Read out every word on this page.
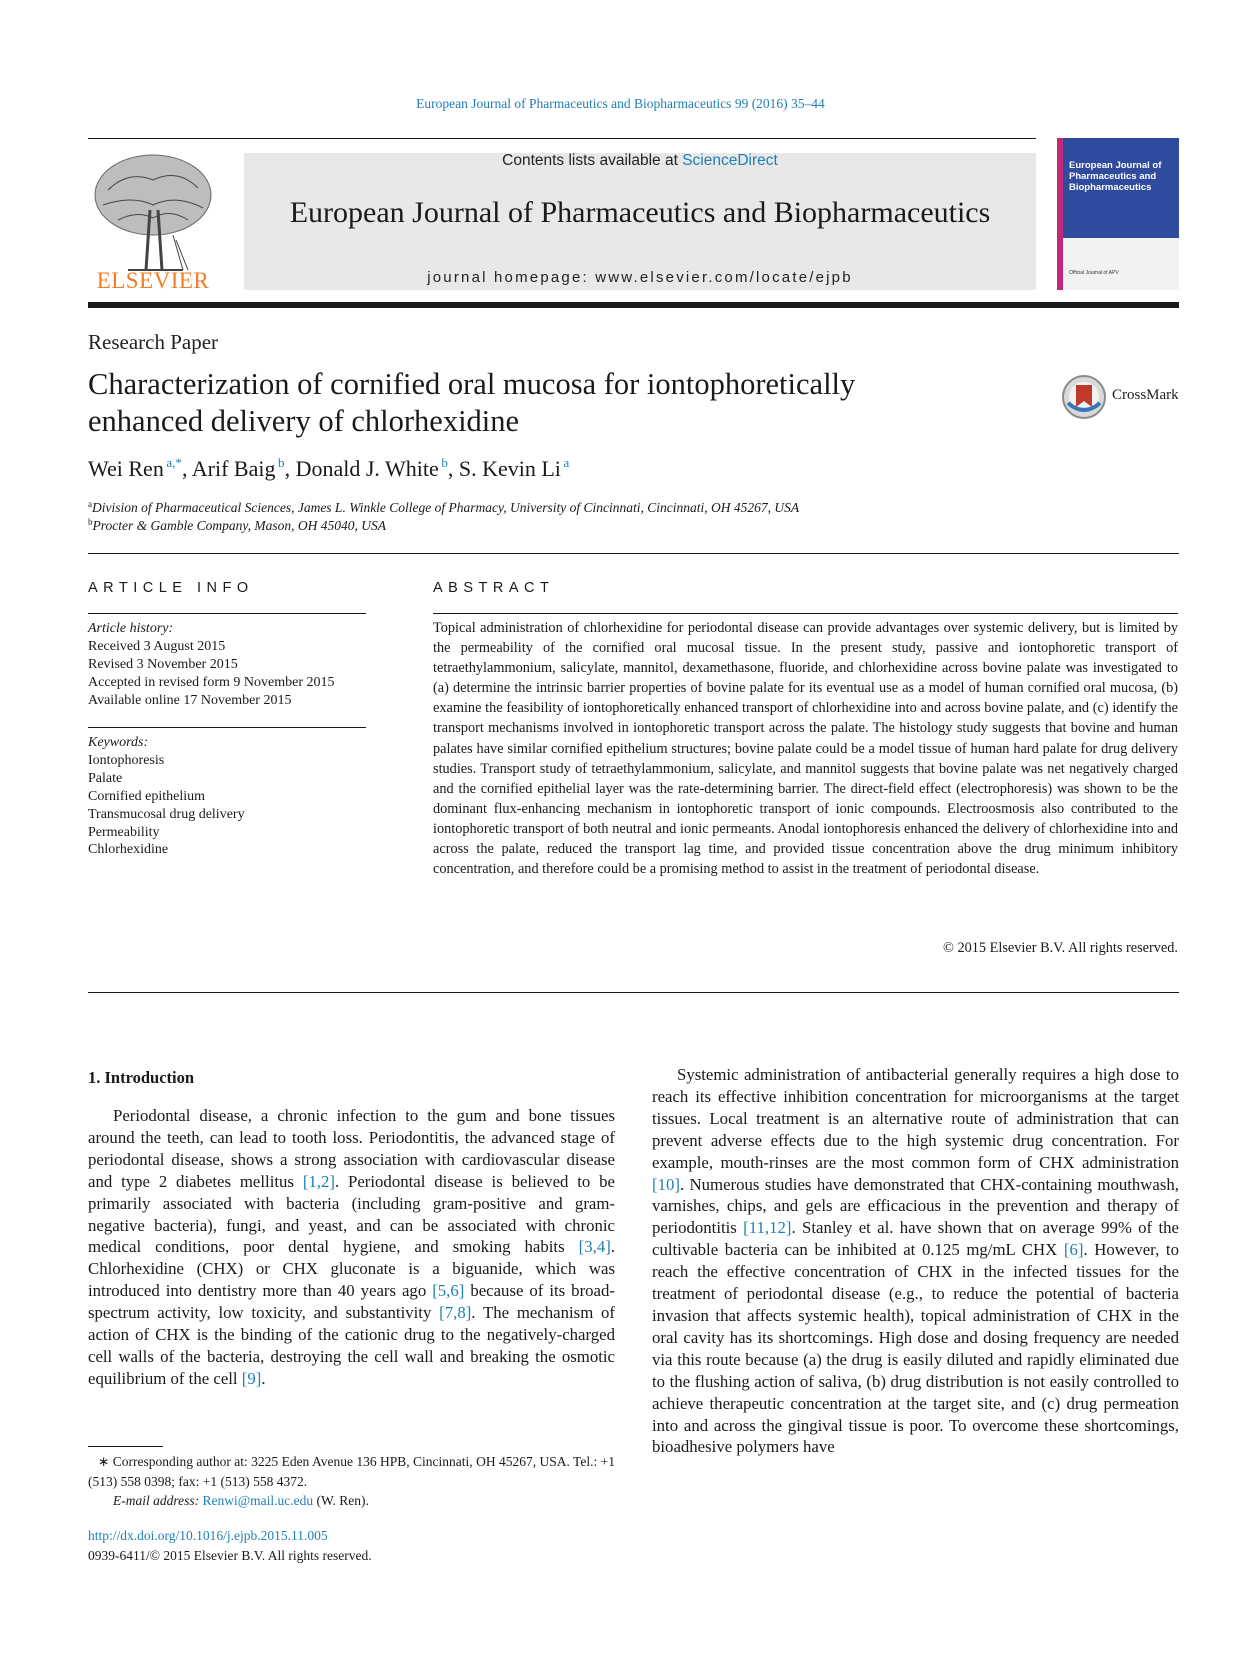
European Journal of Pharmaceutics and Biopharmaceutics 99 (2016) 35–44
ELSEVIER
Contents lists available at ScienceDirect
European Journal of Pharmaceutics and Biopharmaceutics
journal homepage: www.elsevier.com/locate/ejpb
European Journal of Pharmaceutics and Biopharmaceutics
Official Journal of APV
Research Paper
Characterization of cornified oral mucosa for iontophoretically
enhanced delivery of chlorhexidine
CrossMark
Wei Ren $^{a,*}$, Arif Baig $^b$, Donald J. White $^b$, S. Kevin Li $^a$
$^a$Division of Pharmaceutical Sciences, James L. Winkle College of Pharmacy, University of Cincinnati, Cincinnati, OH 45267, USA
$^b$Procter & Gamble Company, Mason, OH 45040, USA
ARTICLE INFO
Article history:
Received 3 August 2015
Revised 3 November 2015
Accepted in revised form 9 November 2015
Available online 17 November 2015
Keywords:
Iontophoresis
Palate
Cornified epithelium
Transmucosal drug delivery
Permeability
Chlorhexidine
ABSTRACT
Topical administration of chlorhexidine for periodontal disease can provide advantages over systemic delivery, but is limited by the permeability of the cornified oral mucosal tissue. In the present study, passive and iontophoretic transport of tetraethylammonium, salicylate, mannitol, dexamethasone, fluoride, and chlorhexidine across bovine palate was investigated to (a) determine the intrinsic barrier properties of bovine palate for its eventual use as a model of human cornified oral mucosa, (b) examine the feasibility of iontophoretically enhanced transport of chlorhexidine into and across bovine palate, and (c) identify the transport mechanisms involved in iontophoretic transport across the palate. The histology study suggests that bovine and human palates have similar cornified epithelium structures; bovine palate could be a model tissue of human hard palate for drug delivery studies. Transport study of tetraethylammonium, salicylate, and mannitol suggests that bovine palate was net negatively charged and the cornified epithelial layer was the rate-determining barrier. The direct-field effect (electrophoresis) was shown to be the dominant flux-enhancing mechanism in iontophoretic transport of ionic compounds. Electroosmosis also contributed to the iontophoretic transport of both neutral and ionic permeants. Anodal iontophoresis enhanced the delivery of chlorhexidine into and across the palate, reduced the transport lag time, and provided tissue concentration above the drug minimum inhibitory concentration, and therefore could be a promising method to assist in the treatment of periodontal disease.
© 2015 Elsevier B.V. All rights reserved.
1. Introduction

Periodontal disease, a chronic infection to the gum and bone tissues around the teeth, can lead to tooth loss. Periodontitis, the advanced stage of periodontal disease, shows a strong association with cardiovascular disease and type 2 diabetes mellitus [1,2]. Periodontal disease is believed to be primarily associated with bacteria (including gram-positive and gram-negative bacteria), fungi, and yeast, and can be associated with chronic medical conditions, poor dental hygiene, and smoking habits [3,4]. Chlorhexidine (CHX) or CHX gluconate is a biguanide, which was introduced into dentistry more than 40 years ago [5,6] because of its broad-spectrum activity, low toxicity, and substantivity [7,8]. The mechanism of action of CHX is the binding of the cationic drug to the negatively-charged cell walls of the bacteria, destroying the cell wall and breaking the osmotic equilibrium of the cell [9].

Systemic administration of antibacterial generally requires a high dose to reach its effective inhibition concentration for microorganisms at the target tissues. Local treatment is an alternative route of administration that can prevent adverse effects due to the high systemic drug concentration. For example, mouth-rinses are the most common form of CHX administration [10]. Numerous studies have demonstrated that CHX-containing mouthwash, varnishes, chips, and gels are efficacious in the prevention and therapy of periodontitis [11,12]. Stanley et al. have shown that on average 99% of the cultivable bacteria can be inhibited at 0.125 mg/mL CHX [6]. However, to reach the effective concentration of CHX in the infected tissues for the treatment of periodontal disease (e.g., to reduce the potential of bacteria invasion that affects systemic health), topical administration of CHX in the oral cavity has its shortcomings. High dose and dosing frequency are needed via this route because (a) the drug is easily diluted and rapidly eliminated due to the flushing action of saliva, (b) drug distribution is not easily controlled to achieve therapeutic concentration at the target site, and (c) drug permeation into and across the gingival tissue is poor. To overcome these shortcomings, bioadhesive polymers have

∗ Corresponding author at: 3225 Eden Avenue 136 HPB, Cincinnati, OH 45267, USA. Tel.: +1 (513) 558 0398; fax: +1 (513) 558 4372.
E-mail address: Renwi@mail.uc.edu (W. Ren).
http://dx.doi.org/10.1016/j.ejpb.2015.11.005
0939-6411/© 2015 Elsevier B.V. All rights reserved.
